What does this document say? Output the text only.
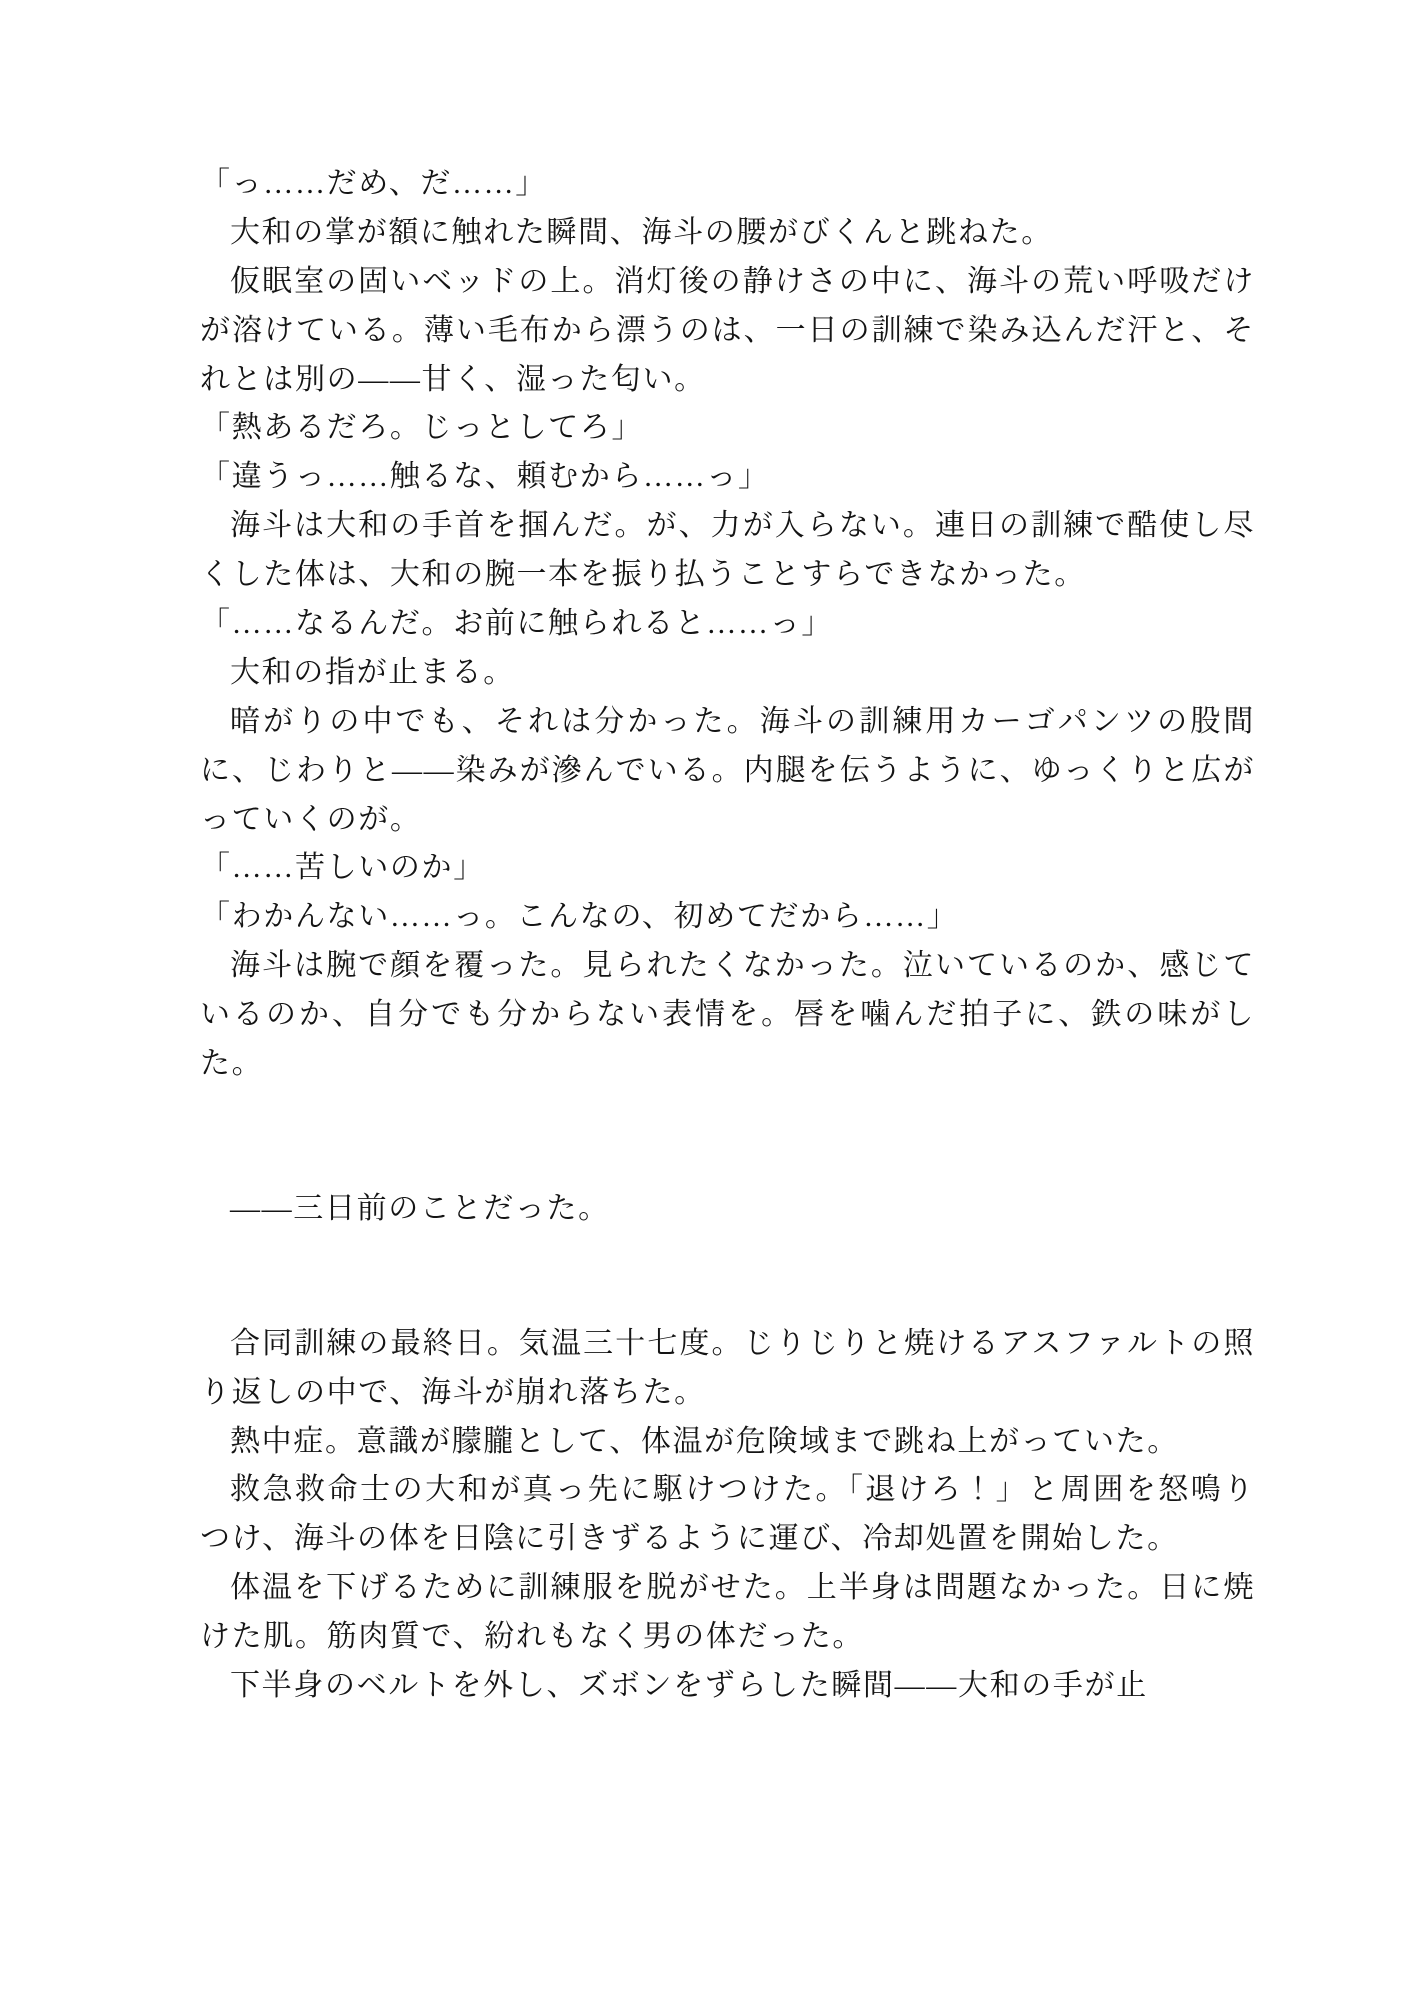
「っ……だめ、だ……」

大和の掌が額に触れた瞬間、海斗の腰がびくんと跳ねた。

仮眠室の固いベッドの上。消灯後の静けさの中に、海斗の荒い呼吸だけが溶けている。薄い毛布から漂うのは、一日の訓練で染み込んだ汗と、それとは別の――甘く、湿った匂い。

「熱あるだろ。じっとしてろ」

「違うっ……触るな、頼むから……っ」

海斗は大和の手首を掴んだ。が、力が入らない。連日の訓練で酷使し尽くした体は、大和の腕一本を振り払うことすらできなかった。

「……なるんだ。お前に触られると……っ」

大和の指が止まる。

暗がりの中でも、それは分かった。海斗の訓練用カーゴパンツの股間に、じわりと――染みが滲んでいる。内腿を伝うように、ゆっくりと広がっていくのが。

「……苦しいのか」

「わかんない……っ。こんなの、初めてだから……」

海斗は腕で顔を覆った。見られたくなかった。泣いているのか、感じているのか、自分でも分からない表情を。唇を噛んだ拍子に、鉄の味がした。

――三日前のことだった。

合同訓練の最終日。気温三十七度。じりじりと焼けるアスファルトの照り返しの中で、海斗が崩れ落ちた。

熱中症。意識が朦朧として、体温が危険域まで跳ね上がっていた。

救急救命士の大和が真っ先に駆けつけた。「退けろ！」と周囲を怒鳴りつけ、海斗の体を日陰に引きずるように運び、冷却処置を開始した。

体温を下げるために訓練服を脱がせた。上半身は問題なかった。日に焼けた肌。筋肉質で、紛れもなく男の体だった。

下半身のベルトを外し、ズボンをずらした瞬間――大和の手が止
